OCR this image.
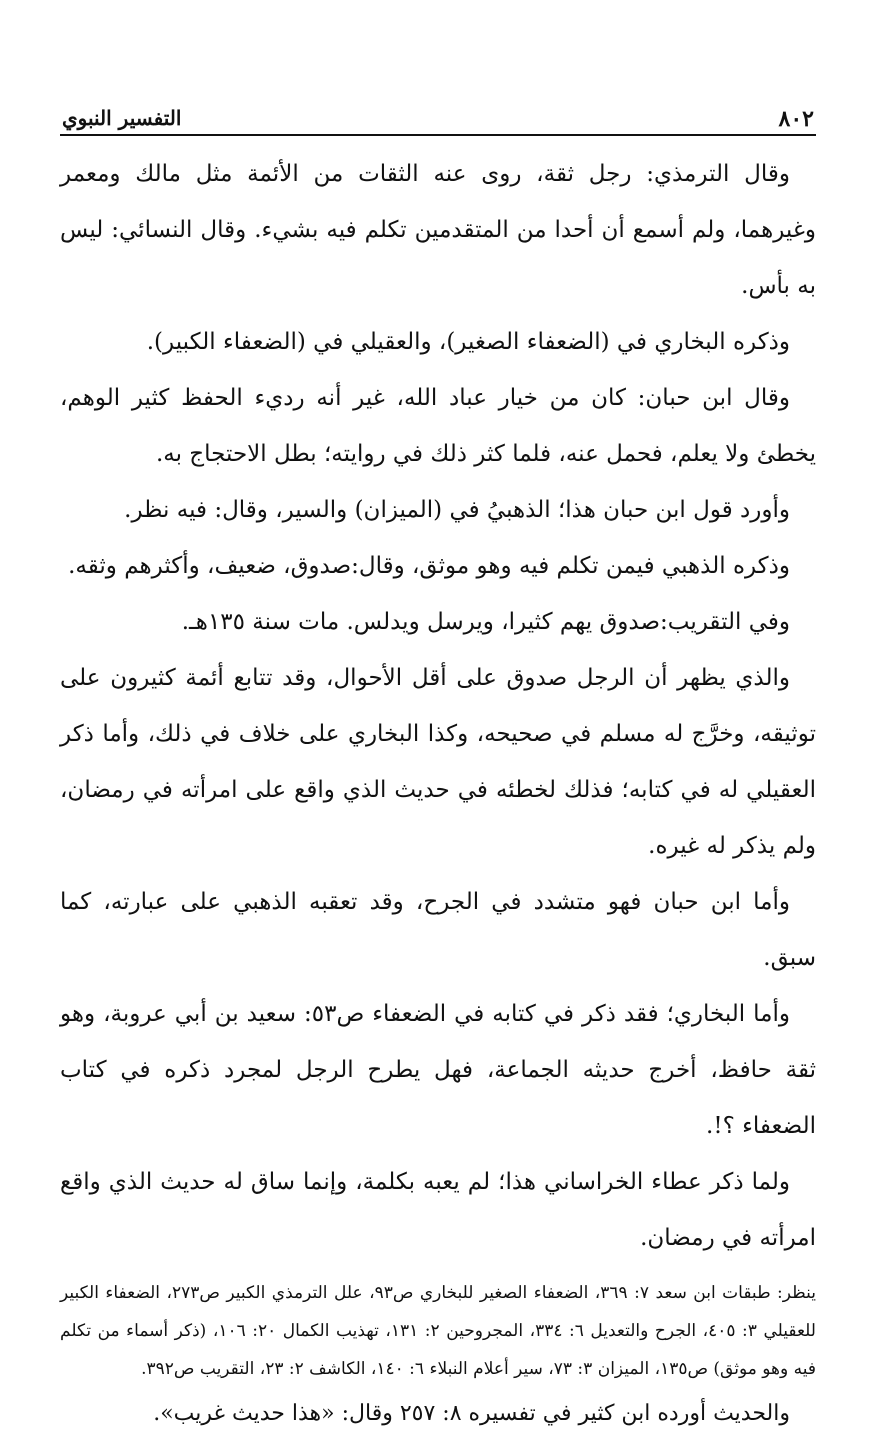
٨٠٢
التفسير النبوي

وقال الترمذي: رجل ثقة، روى عنه الثقات من الأئمة مثل مالك ومعمر وغيرهما، ولم أسمع أن أحدا من المتقدمين تكلم فيه بشيء. وقال النسائي: ليس به بأس.

وذكره البخاري في (الضعفاء الصغير)، والعقيلي في (الضعفاء الكبير).

وقال ابن حبان: كان من خيار عباد الله، غير أنه رديء الحفظ كثير الوهم، يخطئ ولا يعلم، فحمل عنه، فلما كثر ذلك في روايته؛ بطل الاحتجاج به.

وأورد قول ابن حبان هذا؛ الذهبيُ في (الميزان) والسير، وقال: فيه نظر.

وذكره الذهبي فيمن تكلم فيه وهو موثق، وقال:صدوق، ضعيف، وأكثرهم وثقه.

وفي التقريب:صدوق يهم كثيرا، ويرسل ويدلس. مات سنة ١٣٥هـ.

والذي يظهر أن الرجل صدوق على أقل الأحوال، وقد تتابع أئمة كثيرون على توثيقه، وخرَّج له مسلم في صحيحه، وكذا البخاري على خلاف في ذلك، وأما ذكر العقيلي له في كتابه؛ فذلك لخطئه في حديث الذي واقع على امرأته في رمضان، ولم يذكر له غيره.

وأما ابن حبان فهو متشدد في الجرح، وقد تعقبه الذهبي على عبارته، كما سبق.

وأما البخاري؛ فقد ذكر في كتابه في الضعفاء ص٥٣: سعيد بن أبي عروبة، وهو ثقة حافظ، أخرج حديثه الجماعة، فهل يطرح الرجل لمجرد ذكره في كتاب الضعفاء ؟!.

ولما ذكر عطاء الخراساني هذا؛ لم يعبه بكلمة، وإنما ساق له حديث الذي واقع امرأته في رمضان.

ينظر: طبقات ابن سعد ٧: ٣٦٩، الضعفاء الصغير للبخاري ص٩٣، علل الترمذي الكبير ص٢٧٣، الضعفاء الكبير للعقيلي ٣: ٤٠٥، الجرح والتعديل ٦: ٣٣٤، المجروحين ٢: ١٣١، تهذيب الكمال ٢٠: ١٠٦، (ذكر أسماء من تكلم فيه وهو موثق) ص١٣٥، الميزان ٣: ٧٣، سير أعلام النبلاء ٦: ١٤٠، الكاشف ٢: ٢٣، التقريب ص٣٩٢.

والحديث أورده ابن كثير في تفسيره ٨: ٢٥٧ وقال: «هذا حديث غريب».
